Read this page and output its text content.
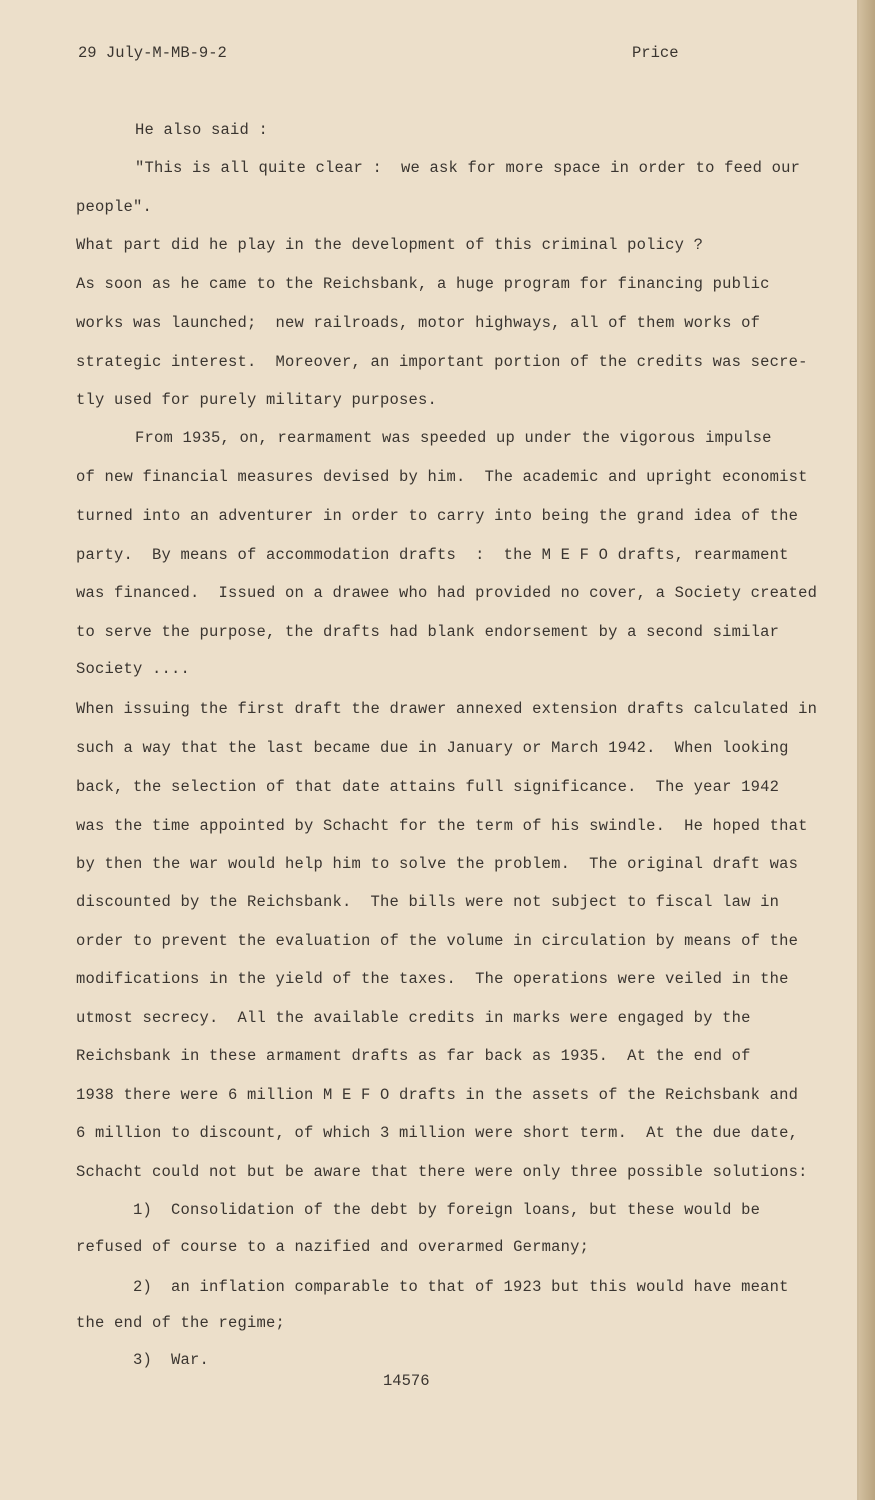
29 July-M-MB-9-2	Price

He also said :

"This is all quite clear :  we ask for more space in order to feed our

people".

What part did he play in the development of this criminal policy ?

As soon as he came to the Reichsbank, a huge program for financing public

works was launched;  new railroads, motor highways, all of them works of

strategic interest.  Moreover, an important portion of the credits was secre-

tly used for purely military purposes.

From 1935, on, rearmament was speeded up under the vigorous impulse

of new financial measures devised by him.  The academic and upright economist

turned into an adventurer in order to carry into being the grand idea of the

party.  By means of accommodation drafts  :  the M E F O drafts, rearmament

was financed.  Issued on a drawee who had provided no cover, a Society created

to serve the purpose, the drafts had blank endorsement by a second similar

Society ....

When issuing the first draft the drawer annexed extension drafts calculated in

such a way that the last became due in January or March 1942.  When looking

back, the selection of that date attains full significance.  The year 1942

was the time appointed by Schacht for the term of his swindle.  He hoped that

by then the war would help him to solve the problem.  The original draft was

discounted by the Reichsbank.  The bills were not subject to fiscal law in

order to prevent the evaluation of the volume in circulation by means of the

modifications in the yield of the taxes.  The operations were veiled in the

utmost secrecy.  All the available credits in marks were engaged by the

Reichsbank in these armament drafts as far back as 1935.  At the end of

1938 there were 6 million M E F O drafts in the assets of the Reichsbank and

6 million to discount, of which 3 million were short term.  At the due date,

Schacht could not but be aware that there were only three possible solutions:

1)  Consolidation of the debt by foreign loans, but these would be

refused of course to a nazified and overarmed Germany;

2)  an inflation comparable to that of 1923 but this would have meant

the end of the regime;

3)  War.

14576
